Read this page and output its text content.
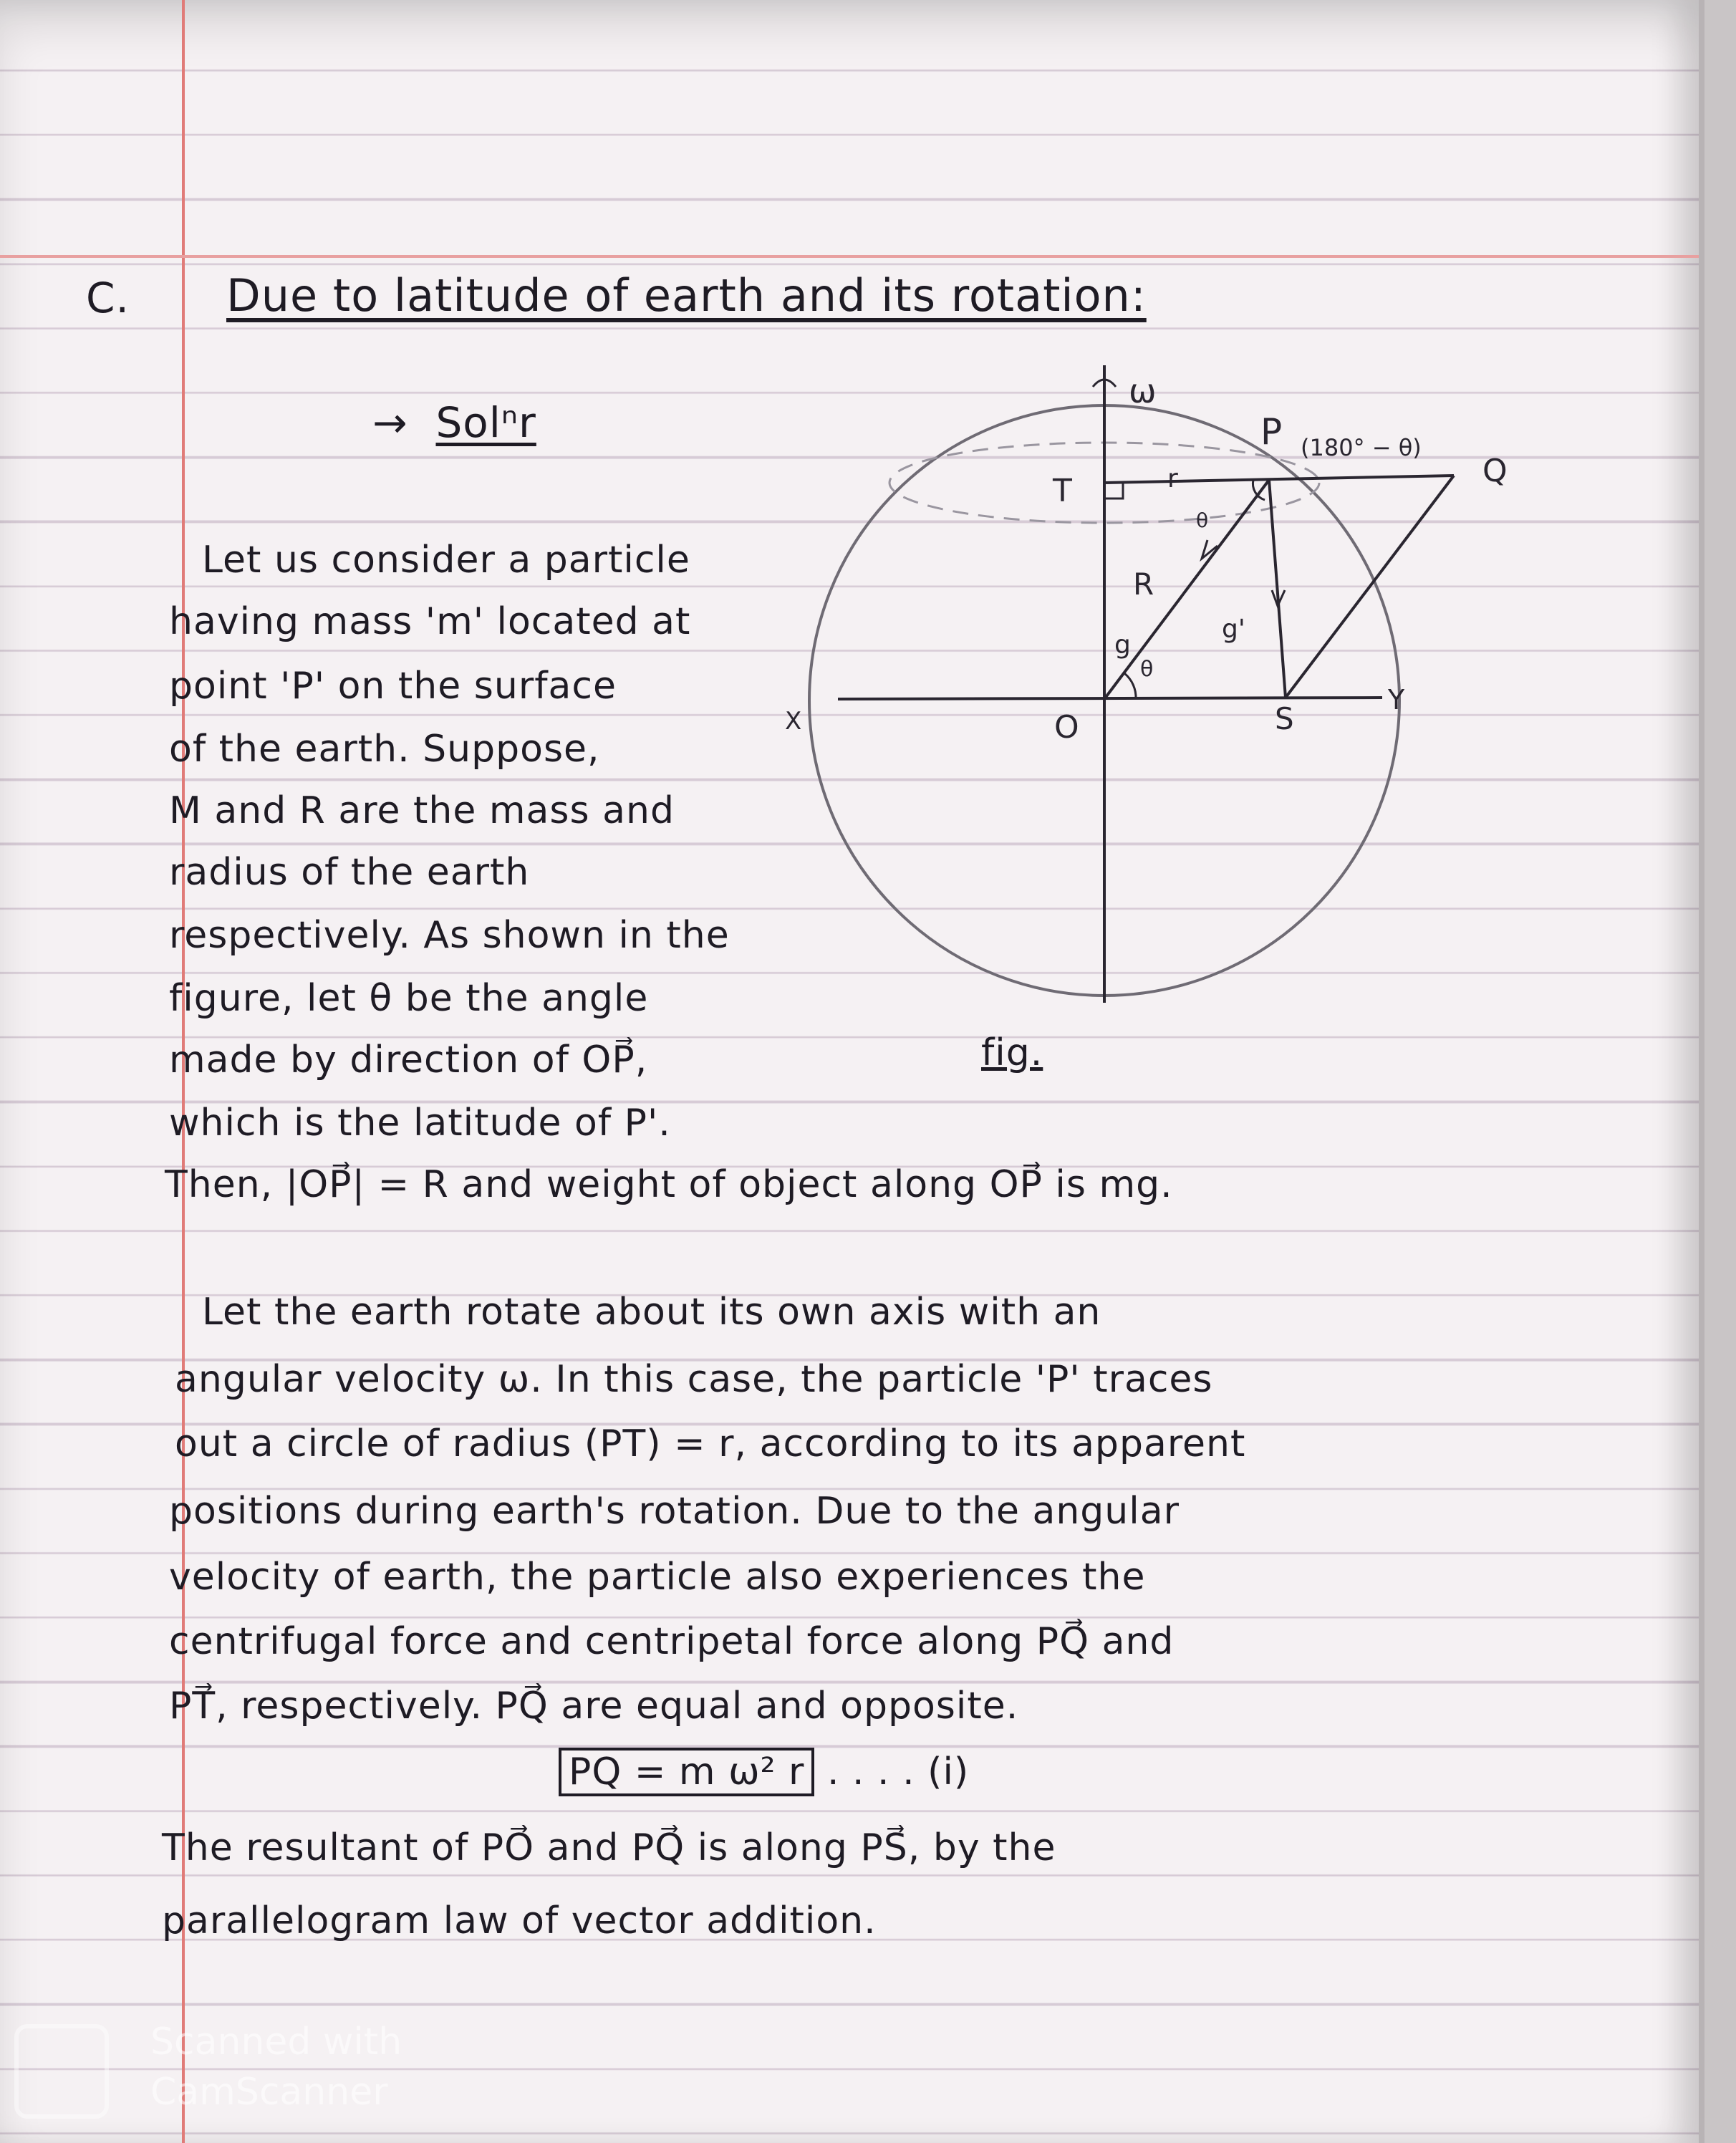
C. Due to latitude of earth and its rotation:
→ Solⁿr
Let us consider a particle
having mass 'm' located at
point 'P' on the surface
of the earth. Suppose,
M and R are the mass and
radius of the earth
respectively. As shown in the
figure, let θ be the angle
made by direction of OP⃗,
which is the latitude of P'.
Then, |OP⃗| = R and weight of object along OP⃗ is mg.
fig.
Let the earth rotate about its own axis with an
angular velocity ω. In this case, the particle 'P' traces
out a circle of radius (PT) = r, according to its apparent
positions during earth's rotation. Due to the angular
velocity of earth, the particle also experiences the
centrifugal force and centripetal force along PQ⃗ and
PT⃗, respectively. PQ⃗ are equal and opposite.
PQ = m ω² r . . . . (i)
The resultant of PO⃗ and PQ⃗ is along PS⃗, by the
parallelogram law of vector addition.
ω
P (180° − θ)
Q
T	r
θ
R
g
g'
θ
O	S
Y
X
Scanned with
CamScanner
